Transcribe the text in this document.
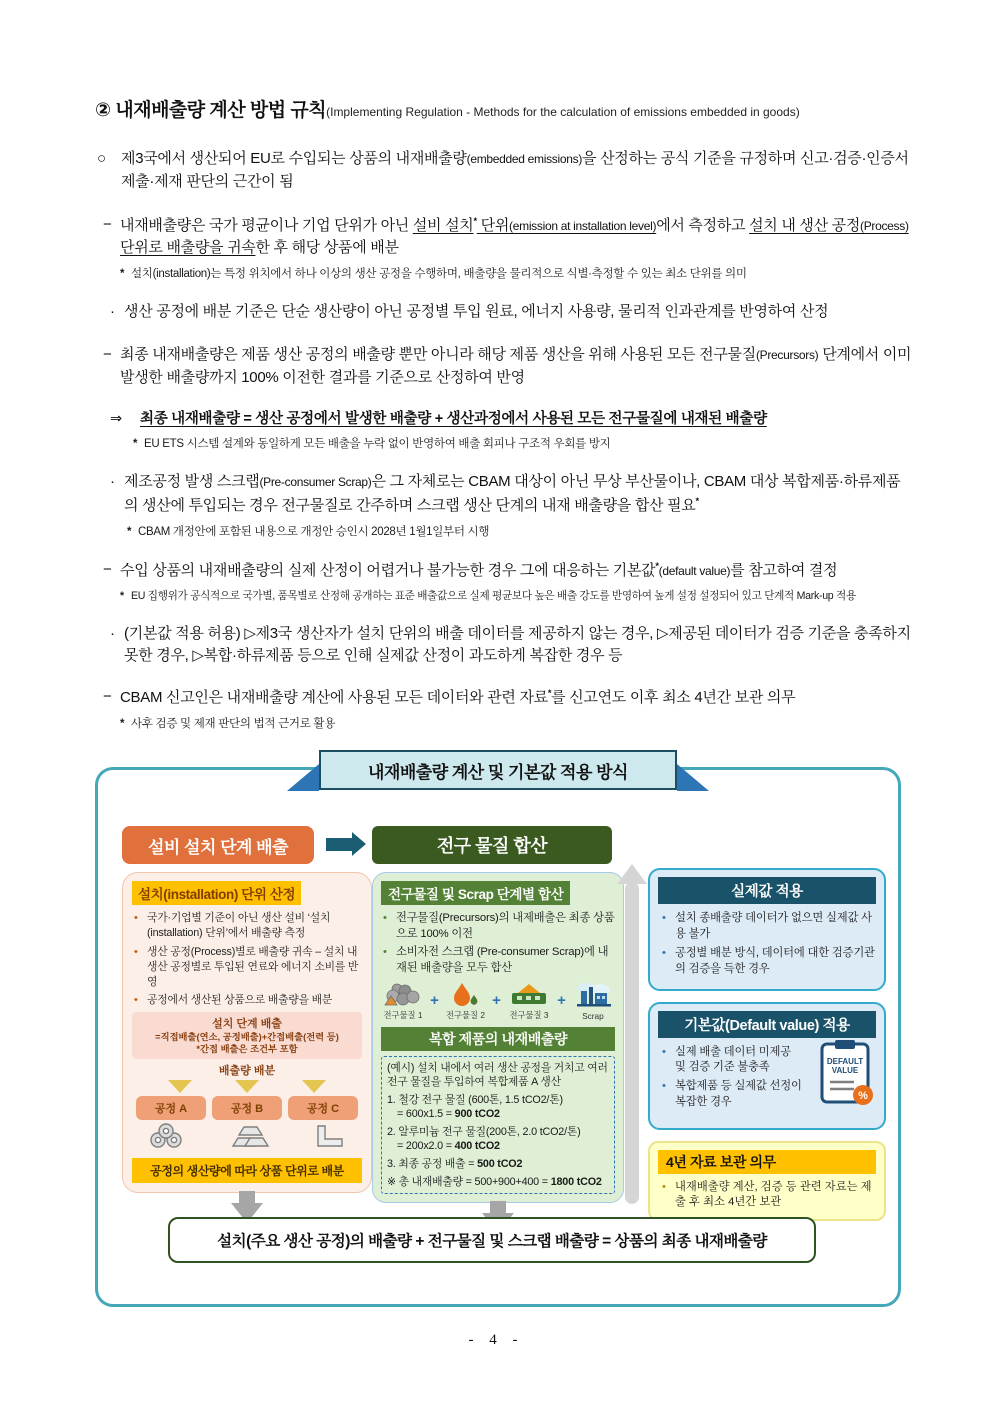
② 내재배출량 계산 방법 규칙(Implementing Regulation - Methods for the calculation of emissions embedded in goods)
○ 제3국에서 생산되어 EU로 수입되는 상품의 내재배출량(embedded emissions)을 산정하는 공식 기준을 규정하며 신고·검증·인증서 제출·제재 판단의 근간이 됨
− 내재배출량은 국가 평균이나 기업 단위가 아닌 설비 설치* 단위(emission at installation level)에서 측정하고 설치 내 생산 공정(Process) 단위로 배출량을 귀속한 후 해당 상품에 배분
* 설치(installation)는 특정 위치에서 하나 이상의 생산 공정을 수행하며, 배출량을 물리적으로 식별·측정할 수 있는 최소 단위를 의미
· 생산 공정에 배분 기준은 단순 생산량이 아닌 공정별 투입 원료, 에너지 사용량, 물리적 인과관계를 반영하여 산정
− 최종 내재배출량은 제품 생산 공정의 배출량 뿐만 아니라 해당 제품 생산을 위해 사용된 모든 전구물질(Precursors) 단계에서 이미 발생한 배출량까지 100% 이전한 결과를 기준으로 산정하여 반영
⇒ 최종 내재배출량 = 생산 공정에서 발생한 배출량 + 생산과정에서 사용된 모든 전구물질에 내재된 배출량
* EU ETS 시스템 설계와 동일하게 모든 배출을 누락 없이 반영하여 배출 회피나 구조적 우회를 방지
· 제조공정 발생 스크랩(Pre-consumer Scrap)은 그 자체로는 CBAM 대상이 아닌 무상 부산물이나, CBAM 대상 복합제품·하류제품의 생산에 투입되는 경우 전구물질로 간주하며 스크랩 생산 단계의 내재 배출량을 합산 필요*
* CBAM 개정안에 포함된 내용으로 개정안 승인시 2028년 1월1일부터 시행
− 수입 상품의 내재배출량의 실제 산정이 어렵거나 불가능한 경우 그에 대응하는 기본값*(default value)를 참고하여 결정
* EU 집행위가 공식적으로 국가별, 품목별로 산정해 공개하는 표준 배출값으로 실제 평균보다 높은 배출 강도를 반영하여 높게 설정 설정되어 있고 단계적 Mark-up 적용
· (기본값 적용 허용) ▷제3국 생산자가 설치 단위의 배출 데이터를 제공하지 않는 경우, ▷제공된 데이터가 검증 기준을 충족하지 못한 경우, ▷복합·하류제품 등으로 인해 실제값 산정이 과도하게 복잡한 경우 등
− CBAM 신고인은 내재배출량 계산에 사용된 모든 데이터와 관련 자료*를 신고연도 이후 최소 4년간 보관 의무
* 사후 검증 및 제재 판단의 법적 근거로 활용
내재배출량 계산 및 기본값 적용 방식
설비 설치 단계 배출
설치(installation) 단위 산정
• 국가·기업별 기준이 아닌 생산 설비 ‘설치(installation) 단위’에서 배출량 측정
• 생산 공정(Process)별로 배출량 귀속 – 설치 내 생산 공정별로 투입된 연료와 에너지 소비를 반영
• 공정에서 생산된 상품으로 배출량을 배분
설치 단계 배출
=직접배출(연소, 공정배출)+간접배출(전력 등)
*간접 배출은 조건부 포함
배출량 배분
공정 A	공정 B	공정 C
공정의 생산량에 따라 상품 단위로 배분
전구 물질 합산
전구물질 및 Scrap 단계별 합산
• 전구물질(Precursors)의 내제배출은 최종 상품으로 100% 이전
• 소비자전 스크랩 (Pre-consumer Scrap)에 내재된 배출량을 모두 합산
전구물질 1
+
전구물질 2
+
전구물질 3
+
Scrap
복합 제품의 내재배출량
(예시) 설치 내에서 여러 생산 공정을 거치고 여러 전구 물질을 투입하여 복합제품 A 생산
1. 철강 전구 물질 (600톤, 1.5 tCO2/톤)
= 600x1.5 = 900 tCO2
2. 알루미늄 전구 물질(200톤, 2.0 tCO2/톤)
= 200x2.0 = 400 tCO2
3. 최종 공정 배출 = 500 tCO2
※ 총 내재배출량 = 500+900+400 = 1800 tCO2
실제값 적용
• 설치 종배출량 데이터가 없으면 실제값 사용 불가
• 공정별 배분 방식, 데이터에 대한 검증기관의 검증을 득한 경우
기본값(Default value) 적용
• 실제 배출 데이터 미제공 및 검증 기준 불충족
• 복합제품 등 실제값 선정이 복잡한 경우
DEFAULT
VALUE
%
4년 자료 보관 의무
• 내재배출량 계산, 검증 등 관련 자료는 제출 후 최소 4년간 보관
설치(주요 생산 공정)의 배출량 + 전구물질 및 스크랩 배출량 = 상품의 최종 내재배출량
- 4 -
